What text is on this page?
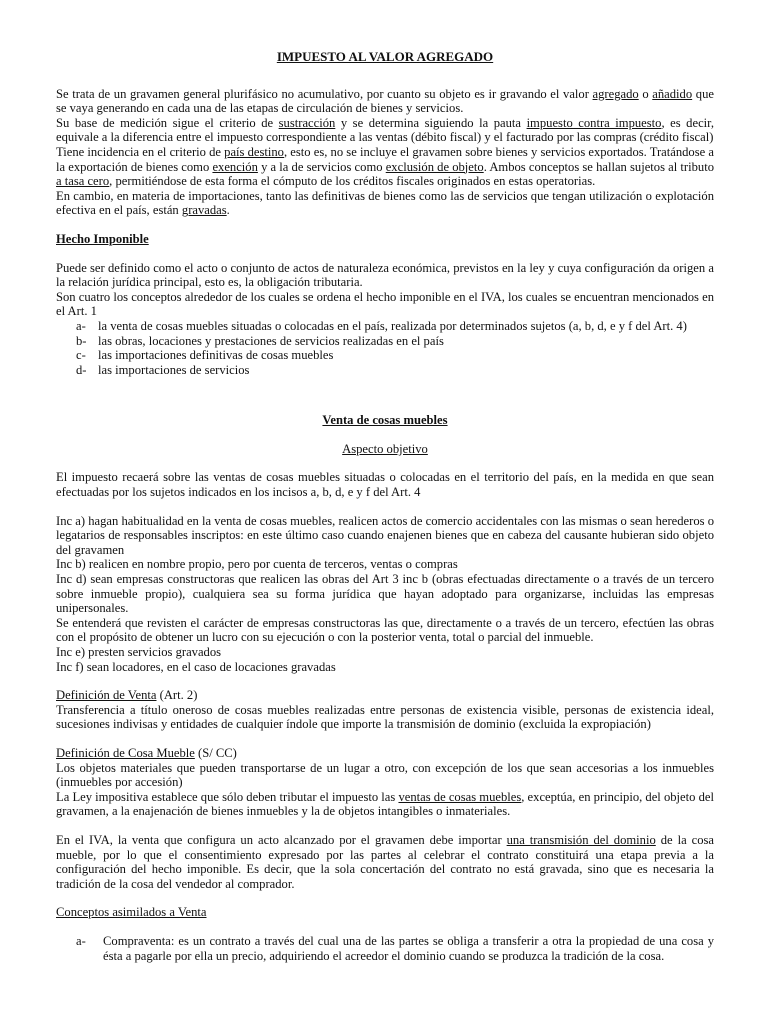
IMPUESTO AL VALOR AGREGADO

Se trata de un gravamen general plurifásico no acumulativo, por cuanto su objeto es ir gravando el valor agregado o añadido que se vaya generando en cada una de las etapas de circulación de bienes y servicios.

Su base de medición sigue el criterio de sustracción y se determina siguiendo la pauta impuesto contra impuesto, es decir, equivale a la diferencia entre el impuesto correspondiente a las ventas (débito fiscal) y el facturado por las compras (crédito fiscal)

Tiene incidencia en el criterio de país destino, esto es, no se incluye el gravamen sobre bienes y servicios exportados. Tratándose a la exportación de bienes como exención y a la de servicios como exclusión de objeto. Ambos conceptos se hallan sujetos al tributo a tasa cero, permitiéndose de esta forma el cómputo de los créditos fiscales originados en estas operatorias.

En cambio, en materia de importaciones, tanto las definitivas de bienes como las de servicios que tengan utilización o explotación efectiva en el país, están gravadas.

Hecho Imponible

Puede ser definido como el acto o conjunto de actos de naturaleza económica, previstos en la ley y cuya configuración da origen a la relación jurídica principal, esto es, la obligación tributaria.

Son cuatro los conceptos alrededor de los cuales se ordena el hecho imponible en el IVA, los cuales se encuentran mencionados en el Art. 1

a- la venta de cosas muebles situadas o colocadas en el país, realizada por determinados sujetos (a, b, d, e y f del Art. 4)
b- las obras, locaciones y prestaciones de servicios realizadas en el país
c- las importaciones definitivas de cosas muebles
d- las importaciones de servicios

Venta de cosas muebles

Aspecto objetivo

El impuesto recaerá sobre las ventas de cosas muebles situadas o colocadas en el territorio del país, en la medida en que sean efectuadas por los sujetos indicados en los incisos a, b, d, e y f del Art. 4

Inc a) hagan habitualidad en la venta de cosas muebles, realicen actos de comercio accidentales con las mismas o sean herederos o legatarios de responsables inscriptos: en este último caso cuando enajenen bienes que en cabeza del causante hubieran sido objeto del gravamen

Inc b) realicen en nombre propio, pero por cuenta de terceros, ventas o compras

Inc d) sean empresas constructoras que realicen las obras del Art 3 inc b (obras efectuadas directamente o a través de un tercero sobre inmueble propio), cualquiera sea su forma jurídica que hayan adoptado para organizarse, incluidas las empresas unipersonales.

Se entenderá que revisten el carácter de empresas constructoras las que, directamente o a través de un tercero, efectúen las obras con el propósito de obtener un lucro con su ejecución o con la posterior venta, total o parcial del inmueble.

Inc e) presten servicios gravados

Inc f) sean locadores, en el caso de locaciones gravadas

Definición de Venta (Art. 2)

Transferencia a título oneroso de cosas muebles realizadas entre personas de existencia visible, personas de existencia ideal, sucesiones indivisas y entidades de cualquier índole que importe la transmisión de dominio (excluida la expropiación)

Definición de Cosa Mueble (S/ CC)

Los objetos materiales que pueden transportarse de un lugar a otro, con excepción de los que sean accesorias a los inmuebles (inmuebles por accesión)

La Ley impositiva establece que sólo deben tributar el impuesto las ventas de cosas muebles, exceptúa, en principio, del objeto del gravamen, a la enajenación de bienes inmuebles y la de objetos intangibles o inmateriales.

En el IVA, la venta que configura un acto alcanzado por el gravamen debe importar una transmisión del dominio de la cosa mueble, por lo que el consentimiento expresado por las partes al celebrar el contrato constituirá una etapa previa a la configuración del hecho imponible. Es decir, que la sola concertación del contrato no está gravada, sino que es necesaria la tradición de la cosa del vendedor al comprador.

Conceptos asimilados a Venta

a-	Compraventa: es un contrato a través del cual una de las partes se obliga a transferir a otra la propiedad de una cosa y ésta a pagarle por ella un precio, adquiriendo el acreedor el dominio cuando se produzca la tradición de la cosa.
